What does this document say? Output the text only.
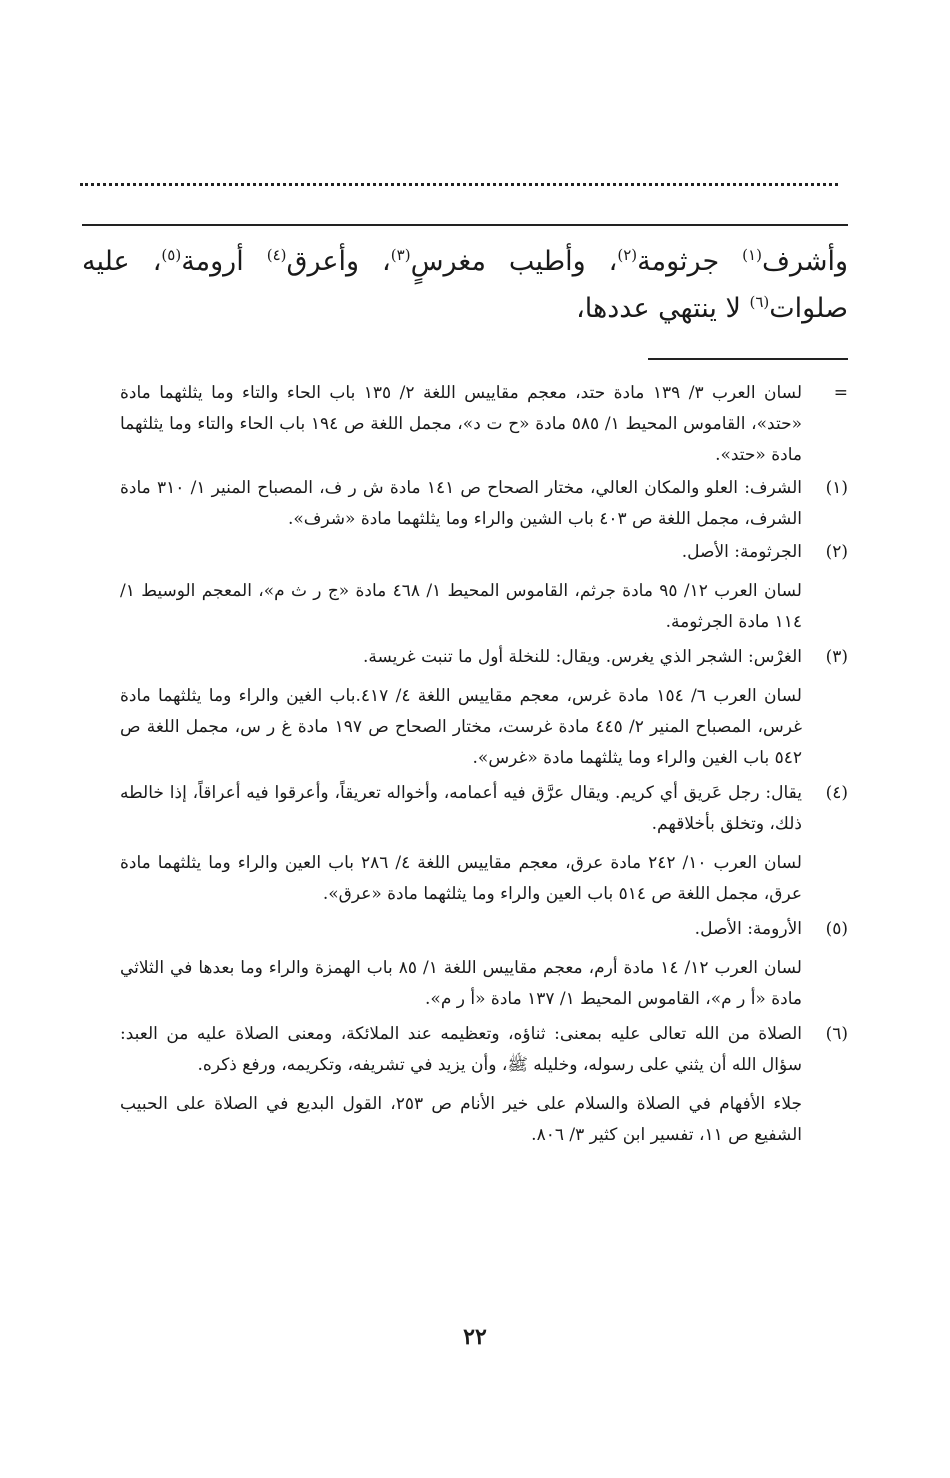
وأشرف$^{(١)}$ جرثومة$^{(٢)}$، وأطيب مغرسٍ$^{(٣)}$، وأعرق$^{(٤)}$ أرومة$^{(٥)}$، عليه
صلوات$^{(٦)}$ لا ينتهي عددها،
=
لسان العرب ٣/ ١٣٩ مادة حتد، معجم مقاييس اللغة ٢/ ١٣٥ باب الحاء والتاء وما يثلثهما مادة «حتد»، القاموس المحيط ١/ ٥٨٥ مادة «ح ت د»، مجمل اللغة ص ١٩٤ باب الحاء والتاء وما يثلثهما مادة «حتد».
(١)
الشرف: العلو والمكان العالي، مختار الصحاح ص ١٤١ مادة ش ر ف، المصباح المنير ١/ ٣١٠ مادة الشرف، مجمل اللغة ص ٤٠٣ باب الشين والراء وما يثلثهما مادة «شرف».
(٢)
الجرثومة: الأصل.
لسان العرب ١٢/ ٩٥ مادة جرثم، القاموس المحيط ١/ ٤٦٨ مادة «ج ر ث م»، المعجم الوسيط ١/ ١١٤ مادة الجرثومة.
(٣)
الغرْس: الشجر الذي يغرس. ويقال: للنخلة أول ما تنبت غريسة.
لسان العرب ٦/ ١٥٤ مادة غرس، معجم مقاييس اللغة ٤/ ٤١٧.باب الغين والراء وما يثلثهما مادة غرس، المصباح المنير ٢/ ٤٤٥ مادة غرست، مختار الصحاح ص ١٩٧ مادة غ ر س، مجمل اللغة ص ٥٤٢ باب الغين والراء وما يثلثهما مادة «غرس».
(٤)
يقال: رجل عَريق أي كريم. ويقال عرَّق فيه أعمامه، وأخواله تعريقاً، وأعرقوا فيه أعراقاً، إذا خالطه ذلك، وتخلق بأخلاقهم.
لسان العرب ١٠/ ٢٤٢ مادة عرق، معجم مقاييس اللغة ٤/ ٢٨٦ باب العين والراء وما يثلثهما مادة عرق، مجمل اللغة ص ٥١٤ باب العين والراء وما يثلثهما مادة «عرق».
(٥)
الأرومة: الأصل.
لسان العرب ١٢/ ١٤ مادة أرم، معجم مقاييس اللغة ١/ ٨٥ باب الهمزة والراء وما بعدها في الثلاثي مادة «أ ر م»، القاموس المحيط ١/ ١٣٧ مادة «أ ر م».
(٦)
الصلاة من الله تعالى عليه بمعنى: ثناؤه، وتعظيمه عند الملائكة، ومعنى الصلاة عليه من العبد: سؤال الله أن يثني على رسوله، وخليله ﷺ، وأن يزيد في تشريفه، وتكريمه، ورفع ذكره.
جلاء الأفهام في الصلاة والسلام على خير الأنام ص ٢٥٣، القول البديع في الصلاة على الحبيب الشفيع ص ١١، تفسير ابن كثير ٣/ ٨٠٦.
٢٢
